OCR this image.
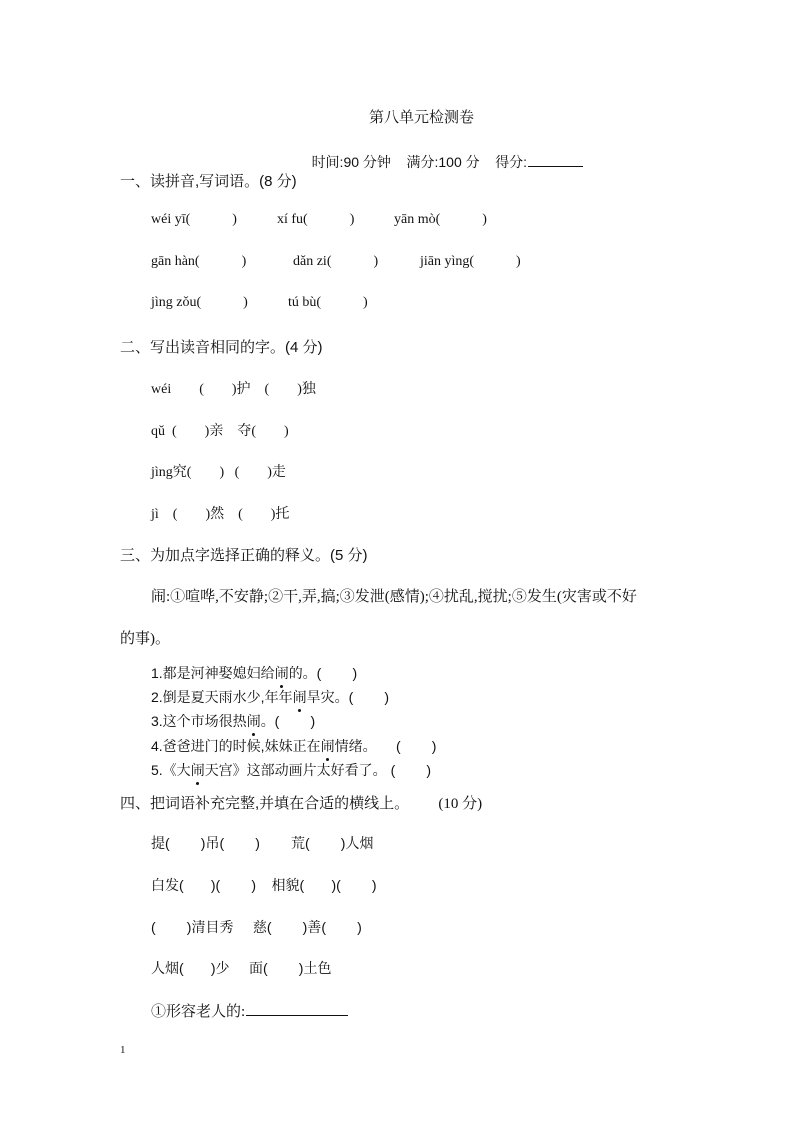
第八单元检测卷

时间:90 分钟 满分:100 分 得分:

一、读拼音,写词语。(8 分)
wéi yī(            )	xí fu(            )	yān mò(            )
gān hàn(            )	dǎn zi(            )	jiān yìng(            )
jìng zǒu(            )	tú bù(            )
二、写出读音相同的字。(4 分)
wéi        (        )护    (        )独
qǔ  (        )亲    夺(        )
jìng究(        )   (        )走
jì    (        )然    (        )托
三、为加点字选择正确的释义。(5 分)
闹:①喧哗,不安静;②干,弄,搞;③发泄(感情);④扰乱,搅扰;⑤发生(灾害或不好
的事)。
1.都是河神娶媳妇给闹的。(        )
2.倒是夏天雨水少,年年闹旱灾。(        )
3.这个市场很热闹。(        )
4.爸爸进门的时候,妹妹正在闹情绪。     (        )
5.《大闹天宫》这部动画片太好看了。 (        )
四、把词语补充完整,并填在合适的横线上。 (10 分)
提(        )吊(        )        荒(        )人烟
白发(       )(        )    相貌(       )(        )
(        )清目秀     慈(        )善(        )
人烟(       )少     面(        )土色
①形容老人的:
1
